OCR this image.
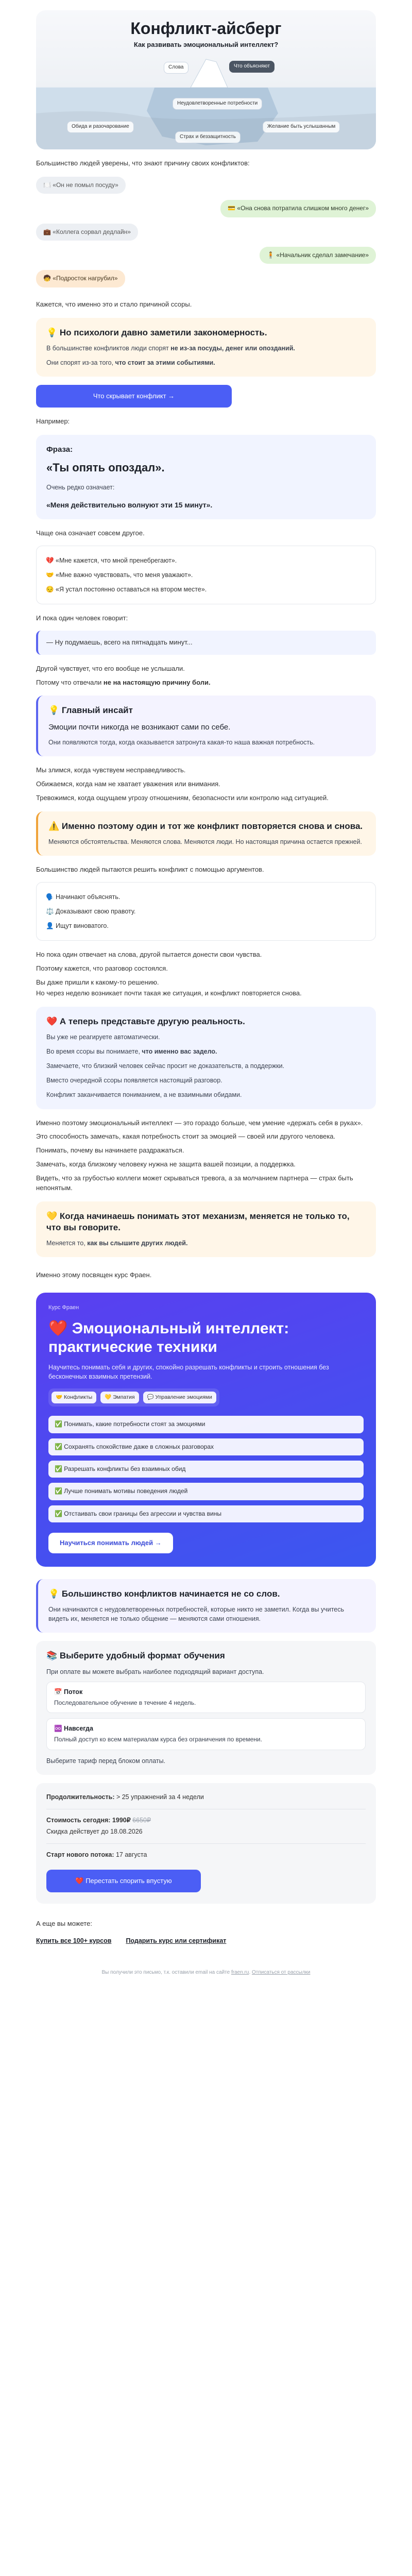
Конфликт-айсберг
Как развивать эмоциональный интеллект?
Слова	Что объясняют
Обида и разочарование	Желание быть услышанным
Неудовлетворенные потребности
Страх и беззащитность

Большинство людей уверены, что знают причину своих конфликтов:

🍽️ «Он не помыл посуду»
💳 «Она снова потратила слишком много денег»
💼 «Коллега сорвал дедлайн»
🧍 «Начальник сделал замечание»
🧒 «Подросток нагрубил»

Кажется, что именно это и стало причиной ссоры.

💡 Но психологи давно заметили закономерность.

В большинстве конфликтов люди спорят не из-за посуды, денег или опозданий.

Они спорят из-за того, что стоит за этими событиями.

Что скрывает конфликт →

Например:

Фраза:
«Ты опять опоздал».
Очень редко означает:
«Меня действительно волнуют эти 15 минут».

Чаще она означает совсем другое.

💔 «Мне кажется, что мной пренебрегают».
🤝 «Мне важно чувствовать, что меня уважают».
😔 «Я устал постоянно оставаться на втором месте».

И пока один человек говорит:

— Ну подумаешь, всего на пятнадцать минут...

Другой чувствует, что его вообще не услышали.

Потому что отвечали не на настоящую причину боли.

💡 Главный инсайт

Эмоции почти никогда не возникают сами по себе.

Они появляются тогда, когда оказывается затронута какая-то наша важная потребность.

Мы злимся, когда чувствуем несправедливость.

Обижаемся, когда нам не хватает уважения или внимания.

Тревожимся, когда ощущаем угрозу отношениям, безопасности или контролю над ситуацией.

⚠️ Именно поэтому один и тот же конфликт повторяется снова и снова.

Меняются обстоятельства. Меняются слова. Меняются люди. Но настоящая причина остается прежней.

Большинство людей пытаются решить конфликт с помощью аргументов.

🗣️ Начинают объяснять.
⚖️ Доказывают свою правоту.
👤 Ищут виноватого.

Но пока один отвечает на слова, другой пытается донести свои чувства.

Поэтому кажется, что разговор состоялся.

Вы даже пришли к какому-то решению.

Но через неделю возникает почти такая же ситуация, и конфликт повторяется снова.

❤️ А теперь представьте другую реальность.

Вы уже не реагируете автоматически.

Во время ссоры вы понимаете, что именно вас задело.

Замечаете, что близкий человек сейчас просит не доказательств, а поддержки.

Вместо очередной ссоры появляется настоящий разговор.

Конфликт заканчивается пониманием, а не взаимными обидами.

Именно поэтому эмоциональный интеллект — это гораздо больше, чем умение «держать себя в руках».

Это способность замечать, какая потребность стоит за эмоцией — своей или другого человека.

Понимать, почему вы начинаете раздражаться.

Замечать, когда близкому человеку нужна не защита вашей позиции, а поддержка.

Видеть, что за грубостью коллеги может скрываться тревога, а за молчанием партнера — страх быть непонятым.

💛 Когда начинаешь понимать этот механизм, меняется не только то, что вы говорите.

Меняется то, как вы слышите других людей.

Именно этому посвящен курс Фраен.

Курс Фраен
❤️ Эмоциональный интеллект: практические техники
Научитесь понимать себя и других, спокойно разрешать конфликты и строить отношения без бесконечных взаимных претензий.
🤝 Конфликты	💛 Эмпатия	💬 Управление эмоциями
✅ Понимать, какие потребности стоят за эмоциями
✅ Сохранять спокойствие даже в сложных разговорах
✅ Разрешать конфликты без взаимных обид
✅ Лучше понимать мотивы поведения людей
✅ Отстаивать свои границы без агрессии и чувства вины
Научиться понимать людей →
💡 Большинство конфликтов начинается не со слов.

Они начинаются с неудовлетворенных потребностей, которые никто не заметил. Когда вы учитесь видеть их, меняется не только общение — меняются сами отношения.

📚 Выберите удобный формат обучения

При оплате вы можете выбрать наиболее подходящий вариант доступа.

📅 Поток
Последовательное обучение в течение 4 недель.
♾️ Навсегда
Полный доступ ко всем материалам курса без ограничения по времени.

Выберите тариф перед блоком оплаты.

Продолжительность: > 25 упражнений за 4 недели
Стоимость сегодня: 1990₽ 6650₽
Скидка действует до 18.08.2026
Старт нового потока: 17 августа
❤️ Перестать спорить впустую

А еще вы можете:

Купить все 100+ курсов Подарить курс или сертификат
Вы получили это письмо, т.к. оставили email на сайте frаen.ru. Отписаться от рассылки
